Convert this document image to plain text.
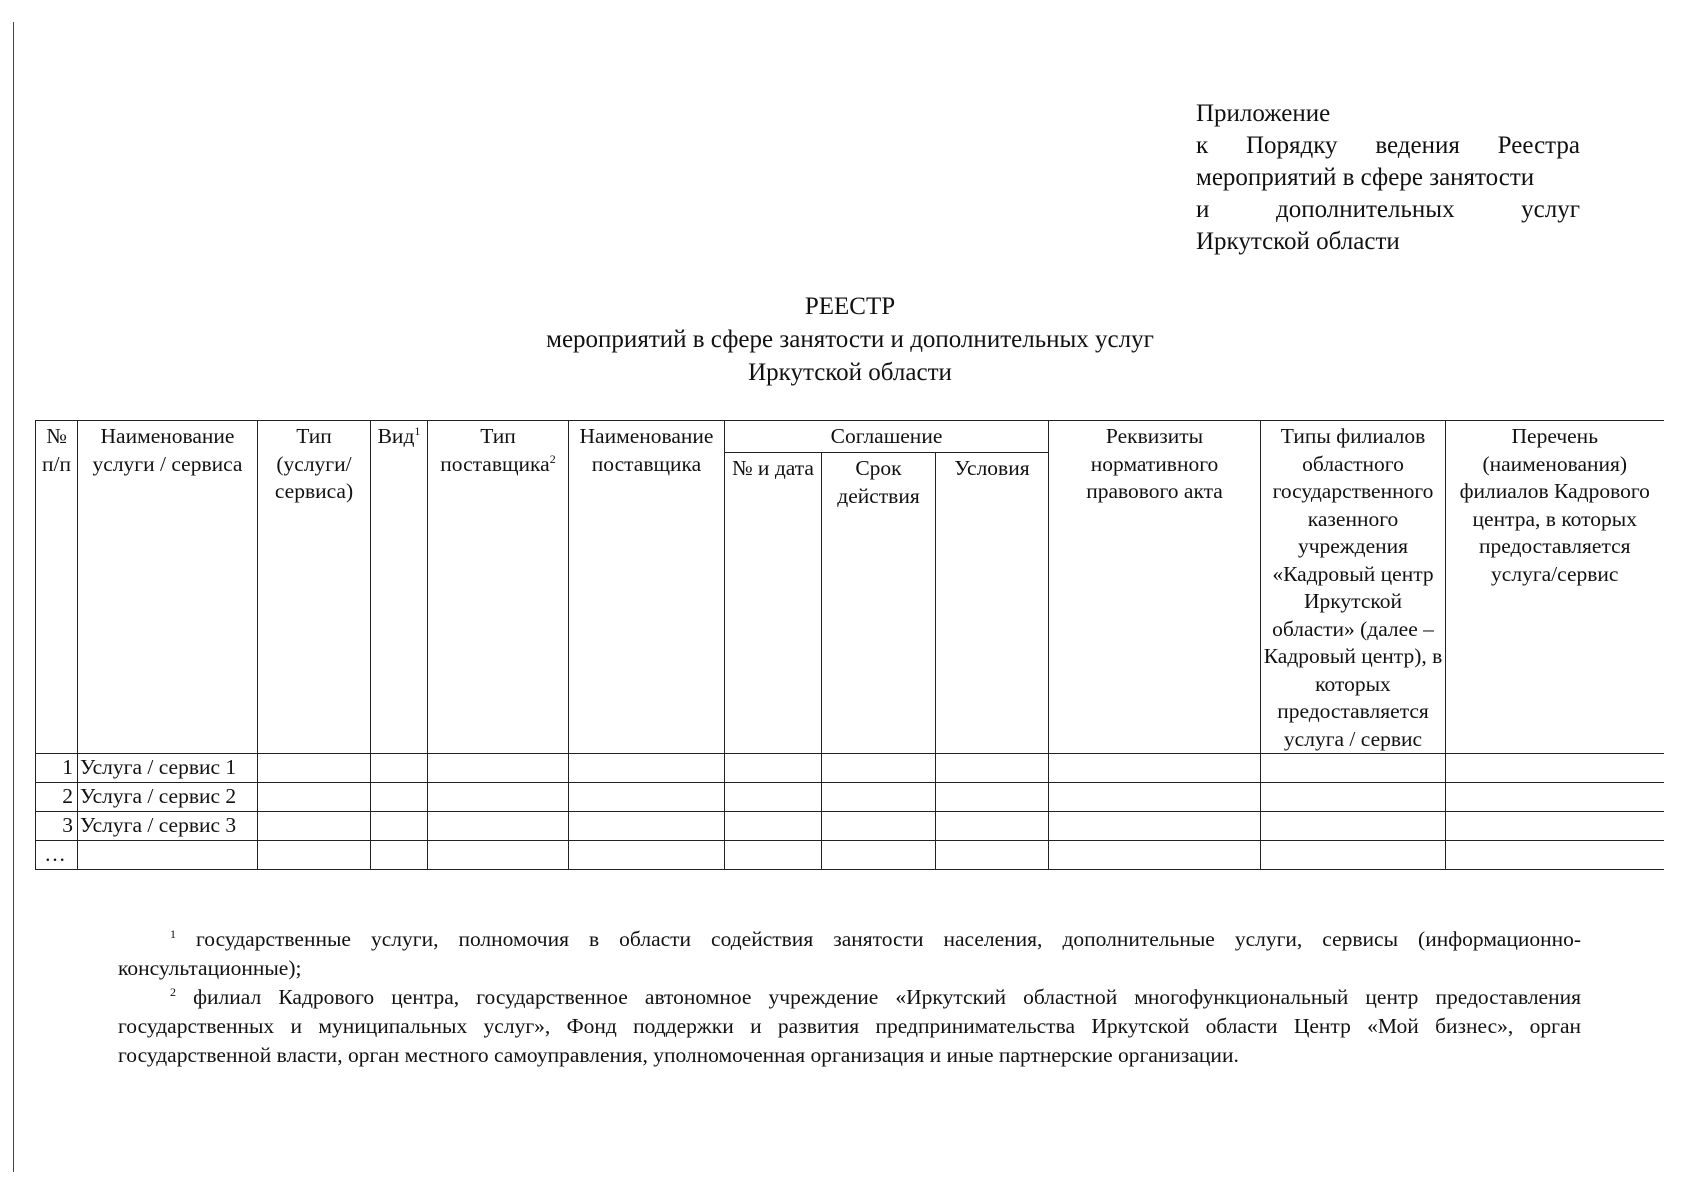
Приложение
к Порядку ведения Реестра
мероприятий в сфере занятости
и дополнительных услуг
Иркутской области
РЕЕСТР
мероприятий в сфере занятости и дополнительных услуг
Иркутской области
№ п/п	Наименование услуги / сервиса	Тип (услуги/ сервиса)	Вид$^1$	Тип поставщика$^2$	Наименование поставщика	Соглашение			Реквизиты нормативного правового акта	Типы филиалов областного государственного казенного учреждения «Кадровый центр Иркутской области» (далее – Кадровый центр), в которых предоставляется услуга / сервис	Перечень (наименования) филиалов Кадрового центра, в которых предоставляется услуга/сервис
						№ и дата	Срок действия	Условия			
1	Услуга / сервис 1										
2	Услуга / сервис 2										
3	Услуга / сервис 3										
…											

$^1$ государственные услуги, полномочия в области содействия занятости населения, дополнительные услуги, сервисы (информационно-консультационные);

$^2$ филиал Кадрового центра, государственное автономное учреждение «Иркутский областной многофункциональный центр предоставления государственных и муниципальных услуг», Фонд поддержки и развития предпринимательства Иркутской области Центр «Мой бизнес», орган государственной власти, орган местного самоуправления, уполномоченная организация и иные партнерские организации.
